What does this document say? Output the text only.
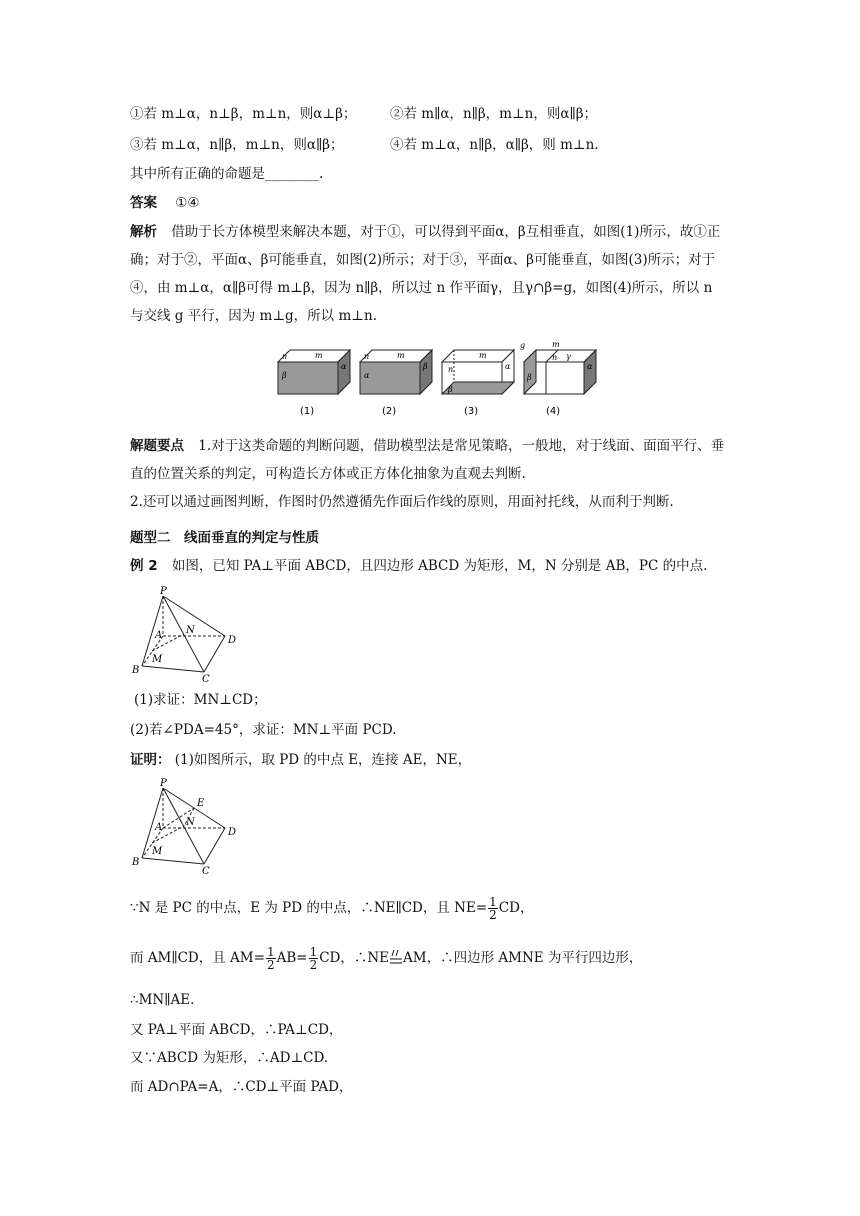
①若 m⊥α，n⊥β，m⊥n，则α⊥β； ②若 m∥α，n∥β，m⊥n，则α∥β；
③若 m⊥α，n∥β，m⊥n，则α∥β；	④若 m⊥α，n∥β，α∥β，则 m⊥n.
其中所有正确的命题是________.
答案 ①④
解析 借助于长方体模型来解决本题，对于①，可以得到平面α，β互相垂直，如图(1)所示，故①正确；对于②，平面α、β可能垂直，如图(2)所示；对于③，平面α、β可能垂直，如图(3)所示；对于④，由 m⊥α，α∥β可得 m⊥β，因为 n∥β，所以过 n 作平面γ，且γ∩β=g，如图(4)所示，所以 n 与交线 g 平行，因为 m⊥g，所以 m⊥n.
n	m
α
β
(1)
n	m
β
α
(2)
n
m
α
β
(3)
g	m
n γ
α
β
(4)
解题要点 1.对于这类命题的判断问题，借助模型法是常见策略，一般地，对于线面、面面平行、垂直的位置关系的判定，可构造长方体或正方体化抽象为直观去判断.
2.还可以通过画图判断，作图时仍然遵循先作面后作线的原则，用面衬托线，从而利于判断.
题型二　线面垂直的判定与性质
例 2 如图，已知 PA⊥平面 ABCD，且四边形 ABCD 为矩形，M，N 分别是 AB，PC 的中点.
P
A
B
C
D
M
N
(1)求证：MN⊥CD；
(2)若∠PDA=45°，求证：MN⊥平面 PCD.
证明： (1)如图所示，取 PD 的中点 E，连接 AE，NE，
P
A
B
C
D
M
N
E
∵N 是 PC 的中点，E 为 PD 的中点，∴NE∥CD，且 $NE= \frac{1}{2}$ CD，
而 AM∥CD，且 $AM= \frac{1}{2} AB= \frac{1}{2}$ CD，∴NE AM，∴四边形 AMNE 为平行四边形，
∴MN∥AE.
又 PA⊥平面 ABCD，∴PA⊥CD，
又∵ABCD 为矩形，∴AD⊥CD.
而 AD∩PA=A，∴CD⊥平面 PAD，
